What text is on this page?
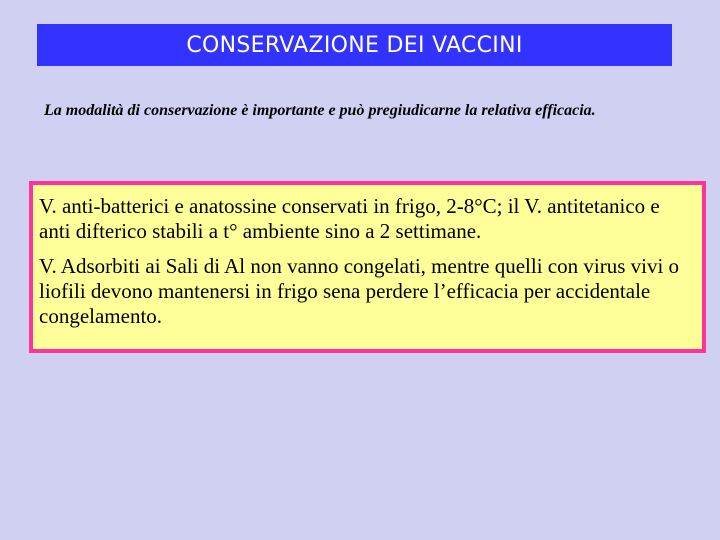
CONSERVAZIONE DEI VACCINI
La modalità di conservazione è importante e può pregiudicarne la relativa efficacia.

V. anti-batterici e anatossine conservati in frigo, 2-8°C; il V. antitetanico e anti difterico stabili a t° ambiente sino a 2 settimane.

V. Adsorbiti ai Sali di Al non vanno congelati, mentre quelli con virus vivi o liofili devono mantenersi in frigo sena perdere l’efficacia per accidentale congelamento.
